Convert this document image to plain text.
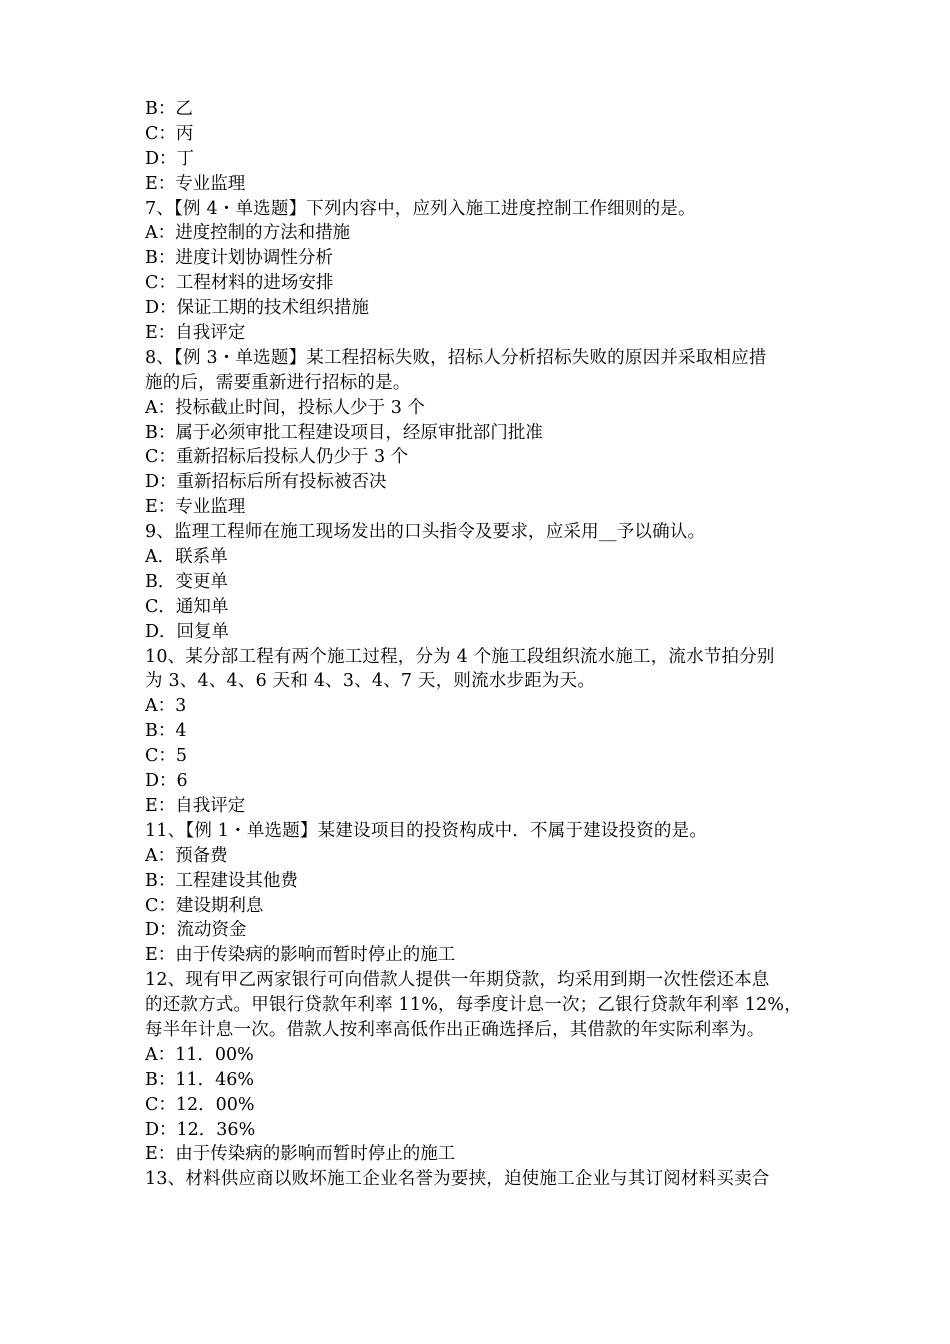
B：乙
C：丙
D：丁
E：专业监理
7、【例 4・单选题】下列内容中，应列入施工进度控制工作细则的是。
A：进度控制的方法和措施
B：进度计划协调性分析
C：工程材料的进场安排
D：保证工期的技术组织措施
E：自我评定
8、【例 3・单选题】某工程招标失败，招标人分析招标失败的原因并采取相应措
施的后，需要重新进行招标的是。
A：投标截止时间，投标人少于 3 个
B：属于必须审批工程建设项目，经原审批部门批准
C：重新招标后投标人仍少于 3 个
D：重新招标后所有投标被否决
E：专业监理
9、监理工程师在施工现场发出的口头指令及要求，应采用__予以确认。
A．联系单
B．变更单
C．通知单
D．回复单
10、某分部工程有两个施工过程，分为 4 个施工段组织流水施工，流水节拍分别
为 3、4、4、6 天和 4、3、4、7 天，则流水步距为天。
A：3
B：4
C：5
D：6
E：自我评定
11、【例 1・单选题】某建设项目的投资构成中．不属于建设投资的是。
A：预备费
B：工程建设其他费
C：建设期利息
D：流动资金
E：由于传染病的影响而暂时停止的施工
12、现有甲乙两家银行可向借款人提供一年期贷款，均采用到期一次性偿还本息
的还款方式。甲银行贷款年利率 11%，每季度计息一次；乙银行贷款年利率 12%，
每半年计息一次。借款人按利率高低作出正确选择后，其借款的年实际利率为。
A：11．00%
B：11．46%
C：12．00%
D：12．36%
E：由于传染病的影响而暂时停止的施工
13、材料供应商以败坏施工企业名誉为要挟，迫使施工企业与其订阅材料买卖合
